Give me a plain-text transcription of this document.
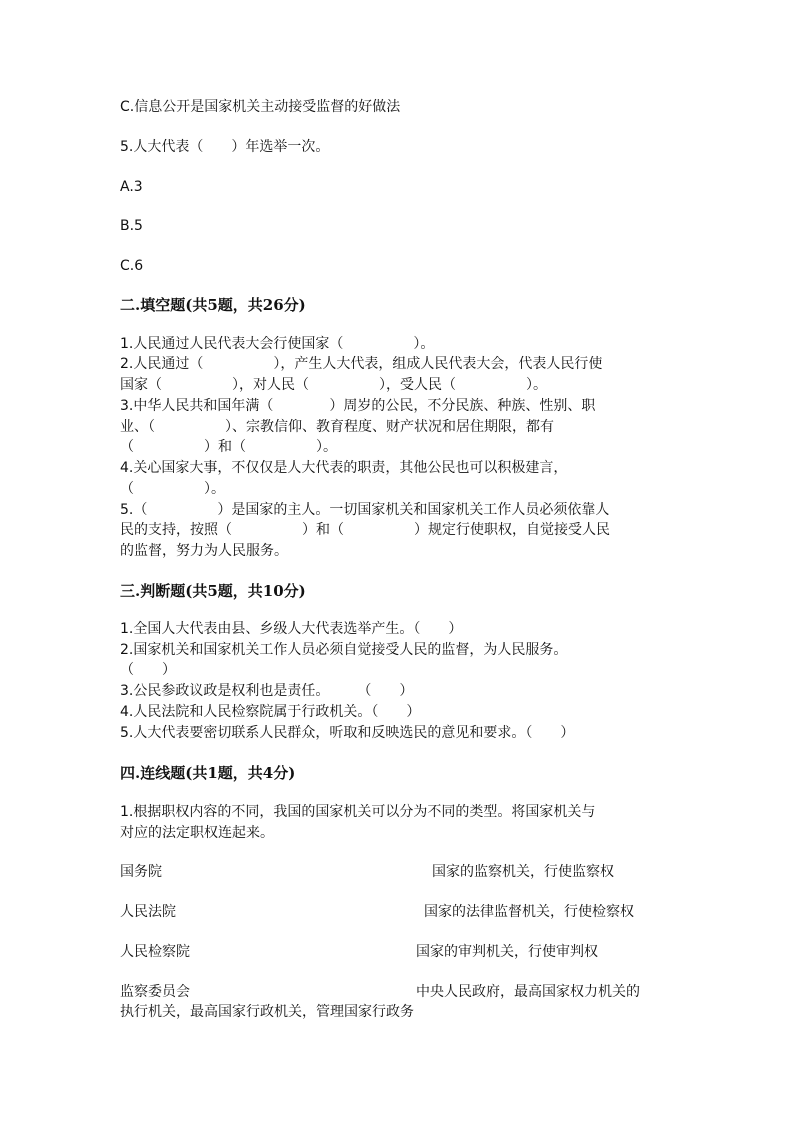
C.信息公开是国家机关主动接受监督的好做法
5.人大代表（　　）年选举一次。
A.3
B.5
C.6
二.填空题(共5题，共26分)
1.人民通过人民代表大会行使国家（　　　　　）。
2.人民通过（　　　　　），产生人大代表，组成人民代表大会，代表人民行使
国家（　　　　　），对人民（　　　　　），受人民（　　　　　）。
3.中华人民共和国年满（　　　　）周岁的公民，不分民族、种族、性别、职
业、（　　　　　）、宗教信仰、教育程度、财产状况和居住期限，都有
（　　　　　）和（　　　　　）。
4.关心国家大事，不仅仅是人大代表的职责，其他公民也可以积极建言，
（　　　　　）。
5.（　　　　　）是国家的主人。一切国家机关和国家机关工作人员必须依靠人
民的支持，按照（　　　　　）和（　　　　　）规定行使职权，自觉接受人民
的监督，努力为人民服务。
三.判断题(共5题，共10分)
1.全国人大代表由县、乡级人大代表选举产生。（　　）
2.国家机关和国家机关工作人员必须自觉接受人民的监督，为人民服务。
（　　）
3.公民参政议政是权利也是责任。　　　（　　）
4.人民法院和人民检察院属于行政机关。（　　）
5.人大代表要密切联系人民群众，听取和反映选民的意见和要求。（　　）
四.连线题(共1题，共4分)
1.根据职权内容的不同，我国的国家机关可以分为不同的类型。将国家机关与
对应的法定职权连起来。
国务院	国家的监察机关，行使监察权
人民法院	国家的法律监督机关，行使检察权
人民检察院	国家的审判机关，行使审判权
监察委员会	中央人民政府，最高国家权力机关的
执行机关，最高国家行政机关，管理国家行政务
